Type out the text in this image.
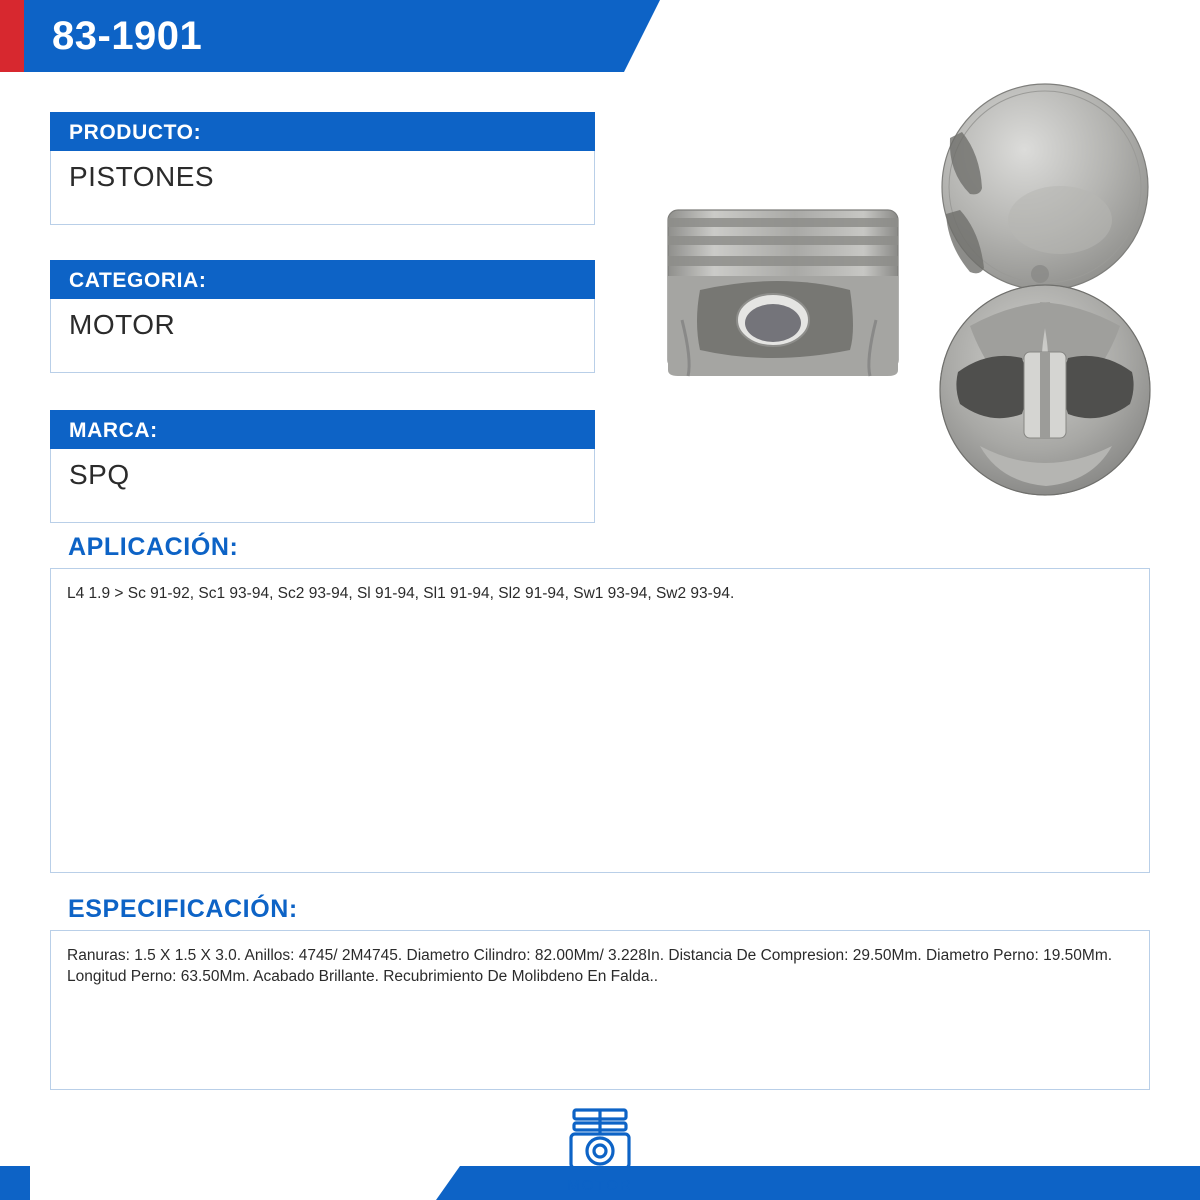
83-1901
PRODUCTO:
PISTONES
CATEGORIA:
MOTOR
MARCA:
SPQ
APLICACIÓN:
L4 1.9 > Sc 91-92, Sc1 93-94, Sc2 93-94, Sl 91-94, Sl1 91-94, Sl2 91-94, Sw1 93-94, Sw2 93-94.
ESPECIFICACIÓN:
Ranuras: 1.5 X 1.5 X 3.0. Anillos: 4745/ 2M4745. Diametro Cilindro: 82.00Mm/ 3.228In. Distancia De Compresion: 29.50Mm. Diametro Perno: 19.50Mm. Longitud Perno: 63.50Mm. Acabado Brillante. Recubrimiento De Molibdeno En Falda..
MOTOR
